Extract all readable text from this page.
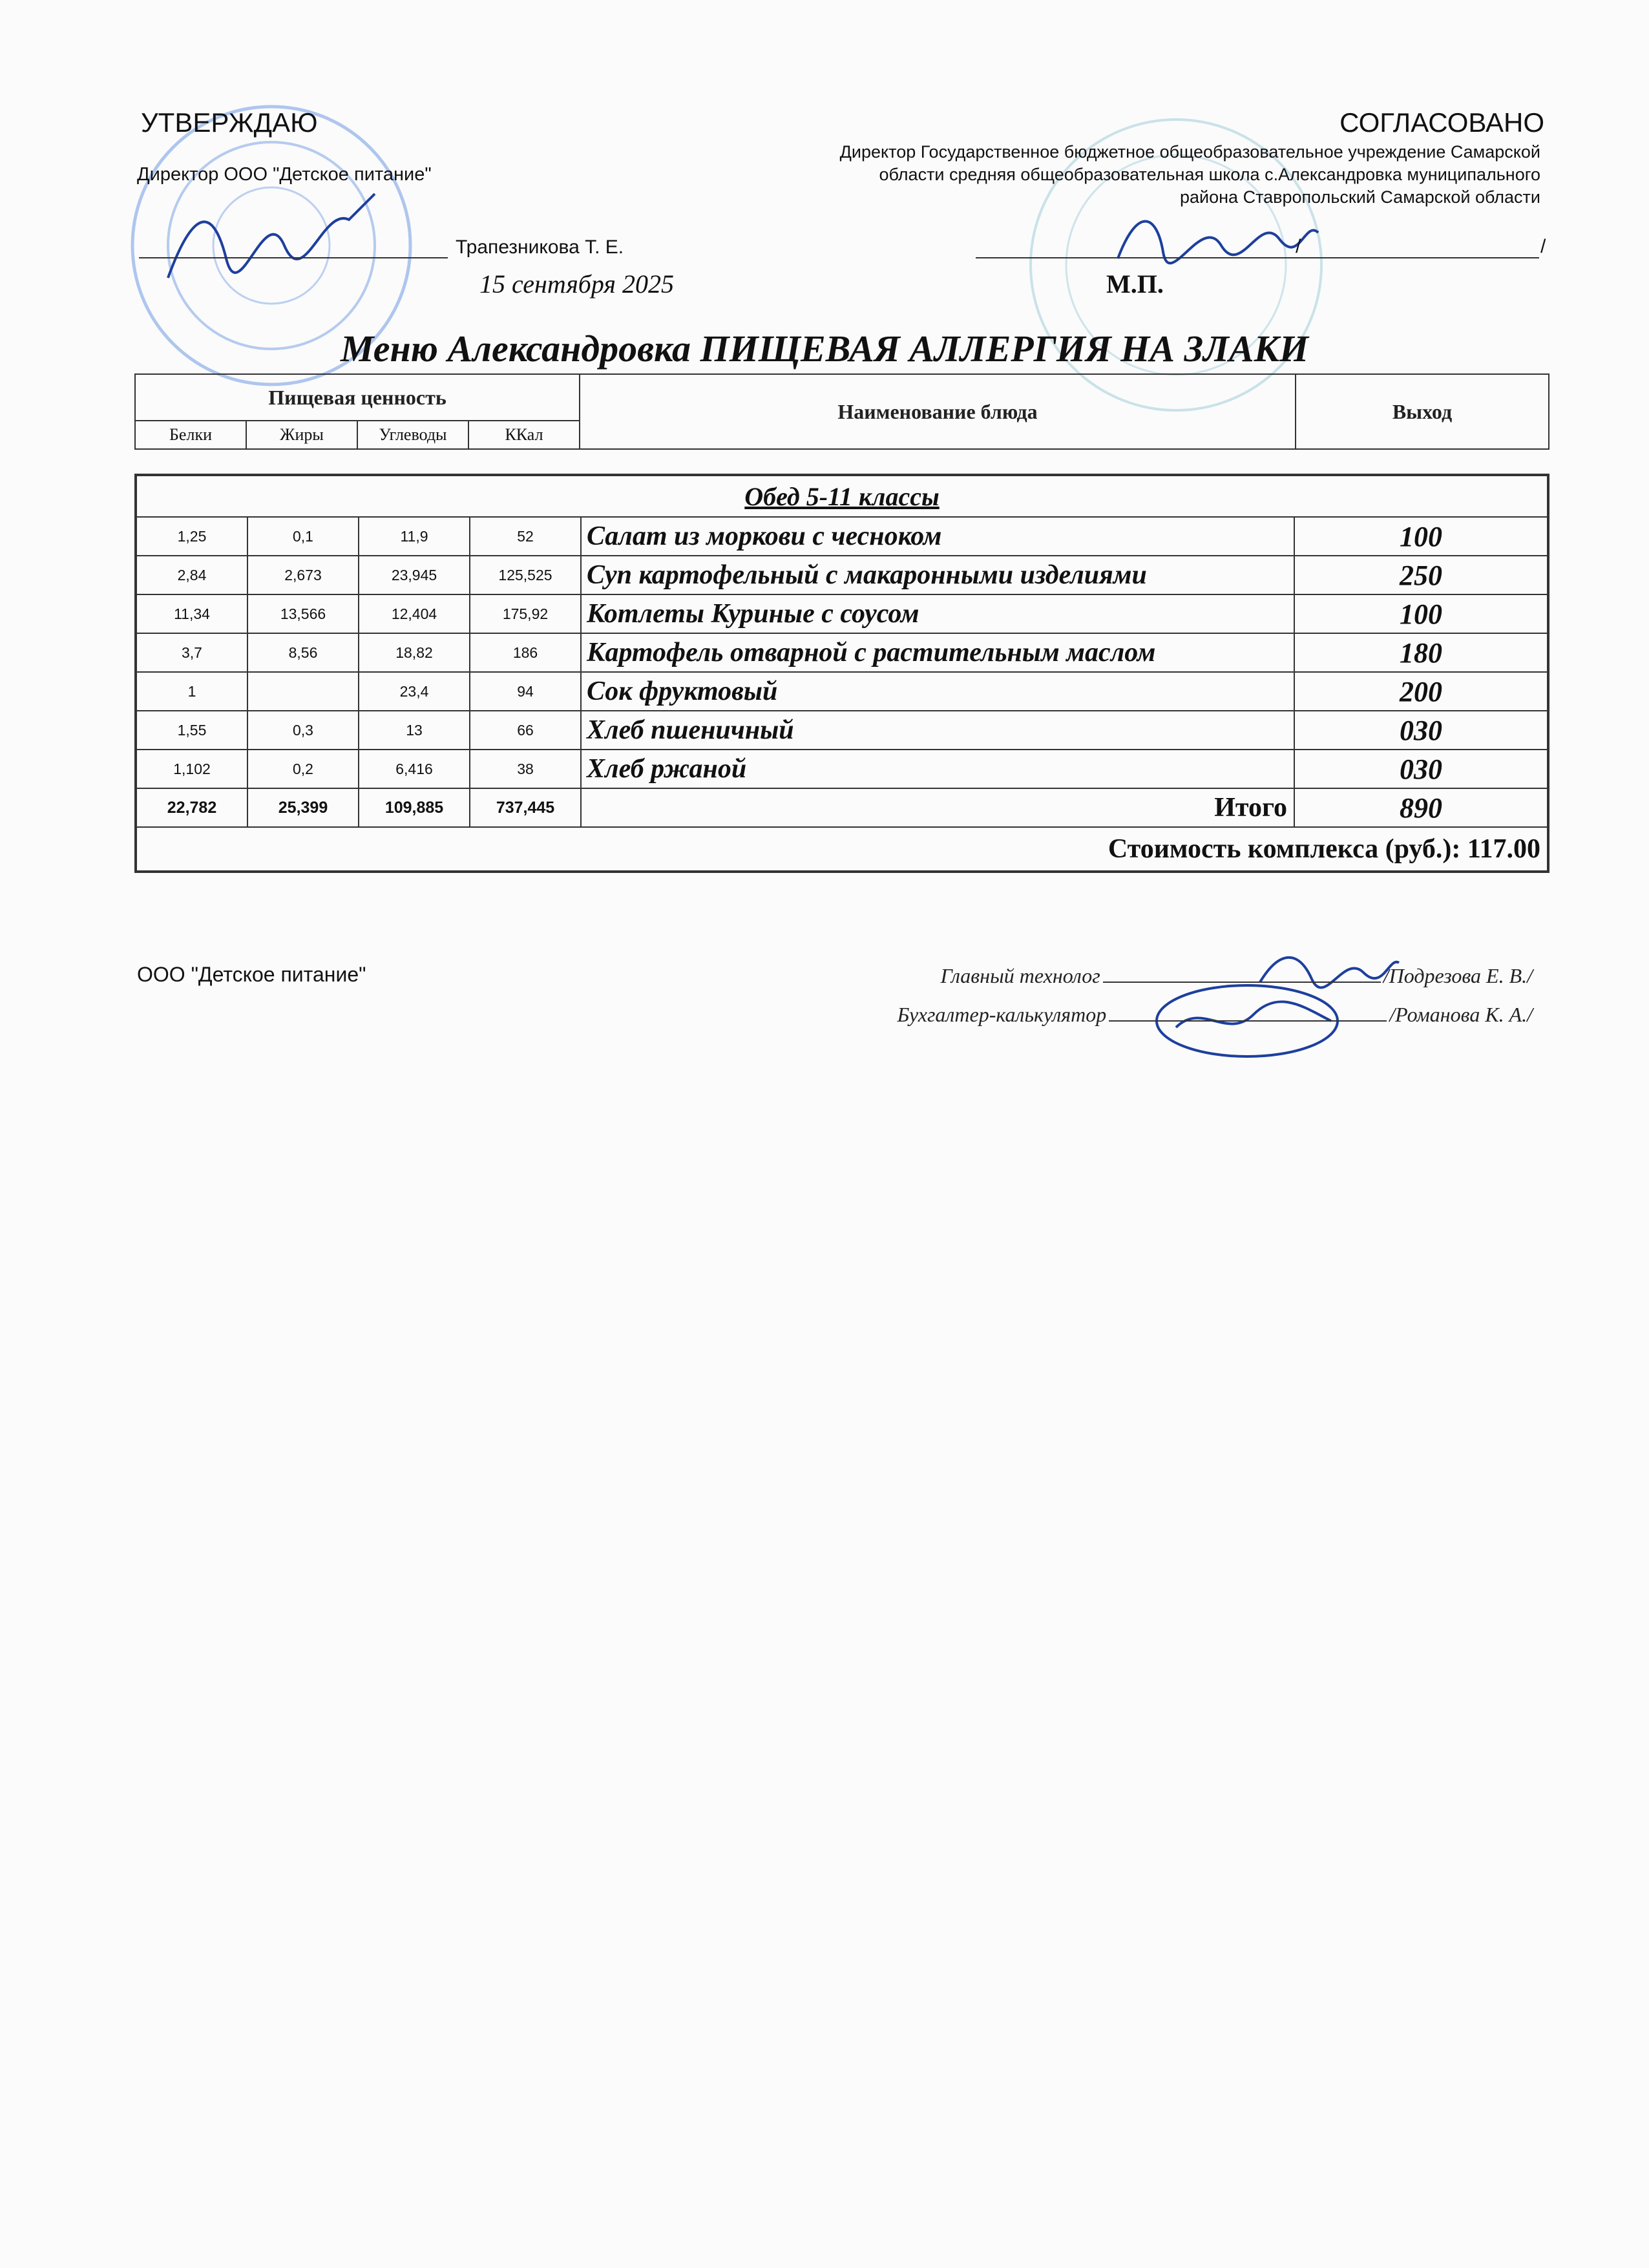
УТВЕРЖДАЮ
Директор ООО "Детское питание"
Трапезникова Т. Е.
15 сентября 2025
СОГЛАСОВАНО
Директор Государственное бюджетное общеобразовательное учреждение Самарской
области средняя общеобразовательная школа с.Александровка муниципального
района Ставропольский Самарской области
/	/
М.П.
Меню Александровка ПИЩЕВАЯ АЛЛЕРГИЯ НА ЗЛАКИ
Пищевая ценность				Наименование блюда	Выход
Белки	Жиры	Углеводы	ККал		
Обед 5-11 классы					
1,25	0,1	11,9	52	Салат из моркови с чесноком	100
2,84	2,673	23,945	125,525	Суп картофельный с макаронными изделиями	250
11,34	13,566	12,404	175,92	Котлеты Куриные с соусом	100
3,7	8,56	18,82	186	Картофель отварной с растительным маслом	180
1		23,4	94	Сок фруктовый	200
1,55	0,3	13	66	Хлеб пшеничный	030
1,102	0,2	6,416	38	Хлеб ржаной	030
22,782	25,399	109,885	737,445	Итого	890
Стоимость комплекса (руб.): 117.00					
ООО "Детское питание"	Главный технолог	/Подрезова Е. В./
Бухгалтер-калькулятор	/Романова К. А./
